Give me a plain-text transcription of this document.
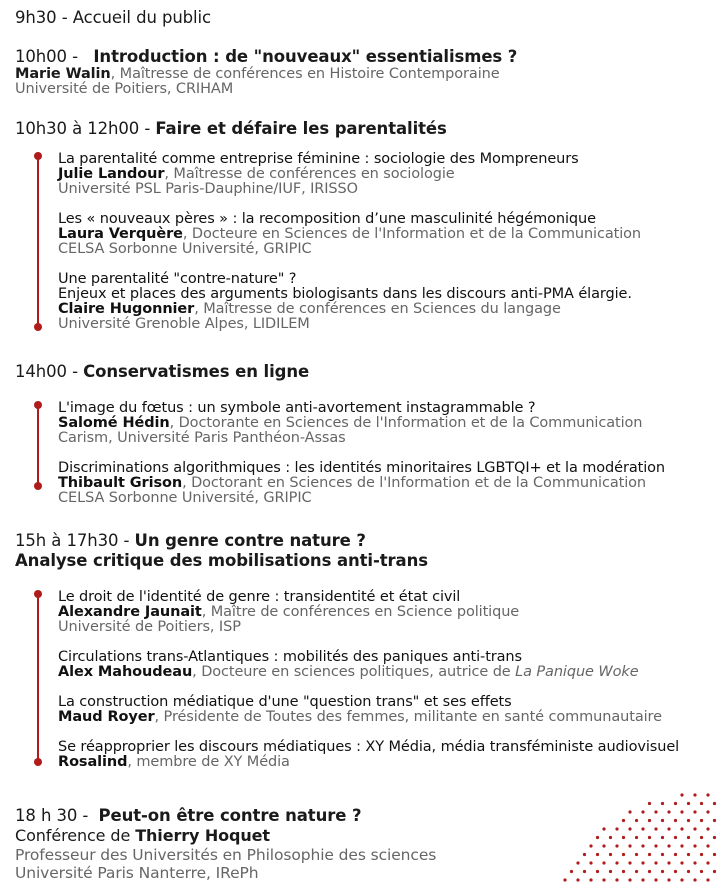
9h30 - Accueil du public
10h00 -   Introduction : de "nouveaux" essentialismes ?
Marie Walin, Maîtresse de conférences en Histoire Contemporaine
Université de Poitiers, CRIHAM
10h30 à 12h00 - Faire et défaire les parentalités
La parentalité comme entreprise féminine : sociologie des Mompreneurs
Julie Landour, Maîtresse de conférences en sociologie
Université PSL Paris-Dauphine/IUF, IRISSO
Les « nouveaux pères » : la recomposition d’une masculinité hégémonique
Laura Verquère, Docteure en Sciences de l'Information et de la Communication
CELSA Sorbonne Université, GRIPIC
Une parentalité "contre-nature" ?
Enjeux et places des arguments biologisants dans les discours anti-PMA élargie.
Claire Hugonnier, Maîtresse de conférences en Sciences du langage
Université Grenoble Alpes, LIDILEM
14h00 - Conservatismes en ligne
L'image du fœtus : un symbole anti-avortement instagrammable ?
Salomé Hédin, Doctorante en Sciences de l'Information et de la Communication
Carism, Université Paris Panthéon-Assas
Discriminations algorithmiques : les identités minoritaires LGBTQI+ et la modération
Thibault Grison, Doctorant en Sciences de l'Information et de la Communication
CELSA Sorbonne Université, GRIPIC
15h à 17h30 - Un genre contre nature ?
Analyse critique des mobilisations anti-trans
Le droit de l'identité de genre : transidentité et état civil
Alexandre Jaunait, Maître de conférences en Science politique
Université de Poitiers, ISP
Circulations trans-Atlantiques : mobilités des paniques anti-trans
Alex Mahoudeau, Docteure en sciences politiques, autrice de La Panique Woke
La construction médiatique d'une "question trans" et ses effets
Maud Royer, Présidente de Toutes des femmes, militante en santé communautaire
Se réapproprier les discours médiatiques : XY Média, média transféministe audiovisuel
Rosalind, membre de XY Média
18 h 30 -  Peut-on être contre nature ?
Conférence de Thierry Hoquet
Professeur des Universités en Philosophie des sciences
Université Paris Nanterre, IRePh
